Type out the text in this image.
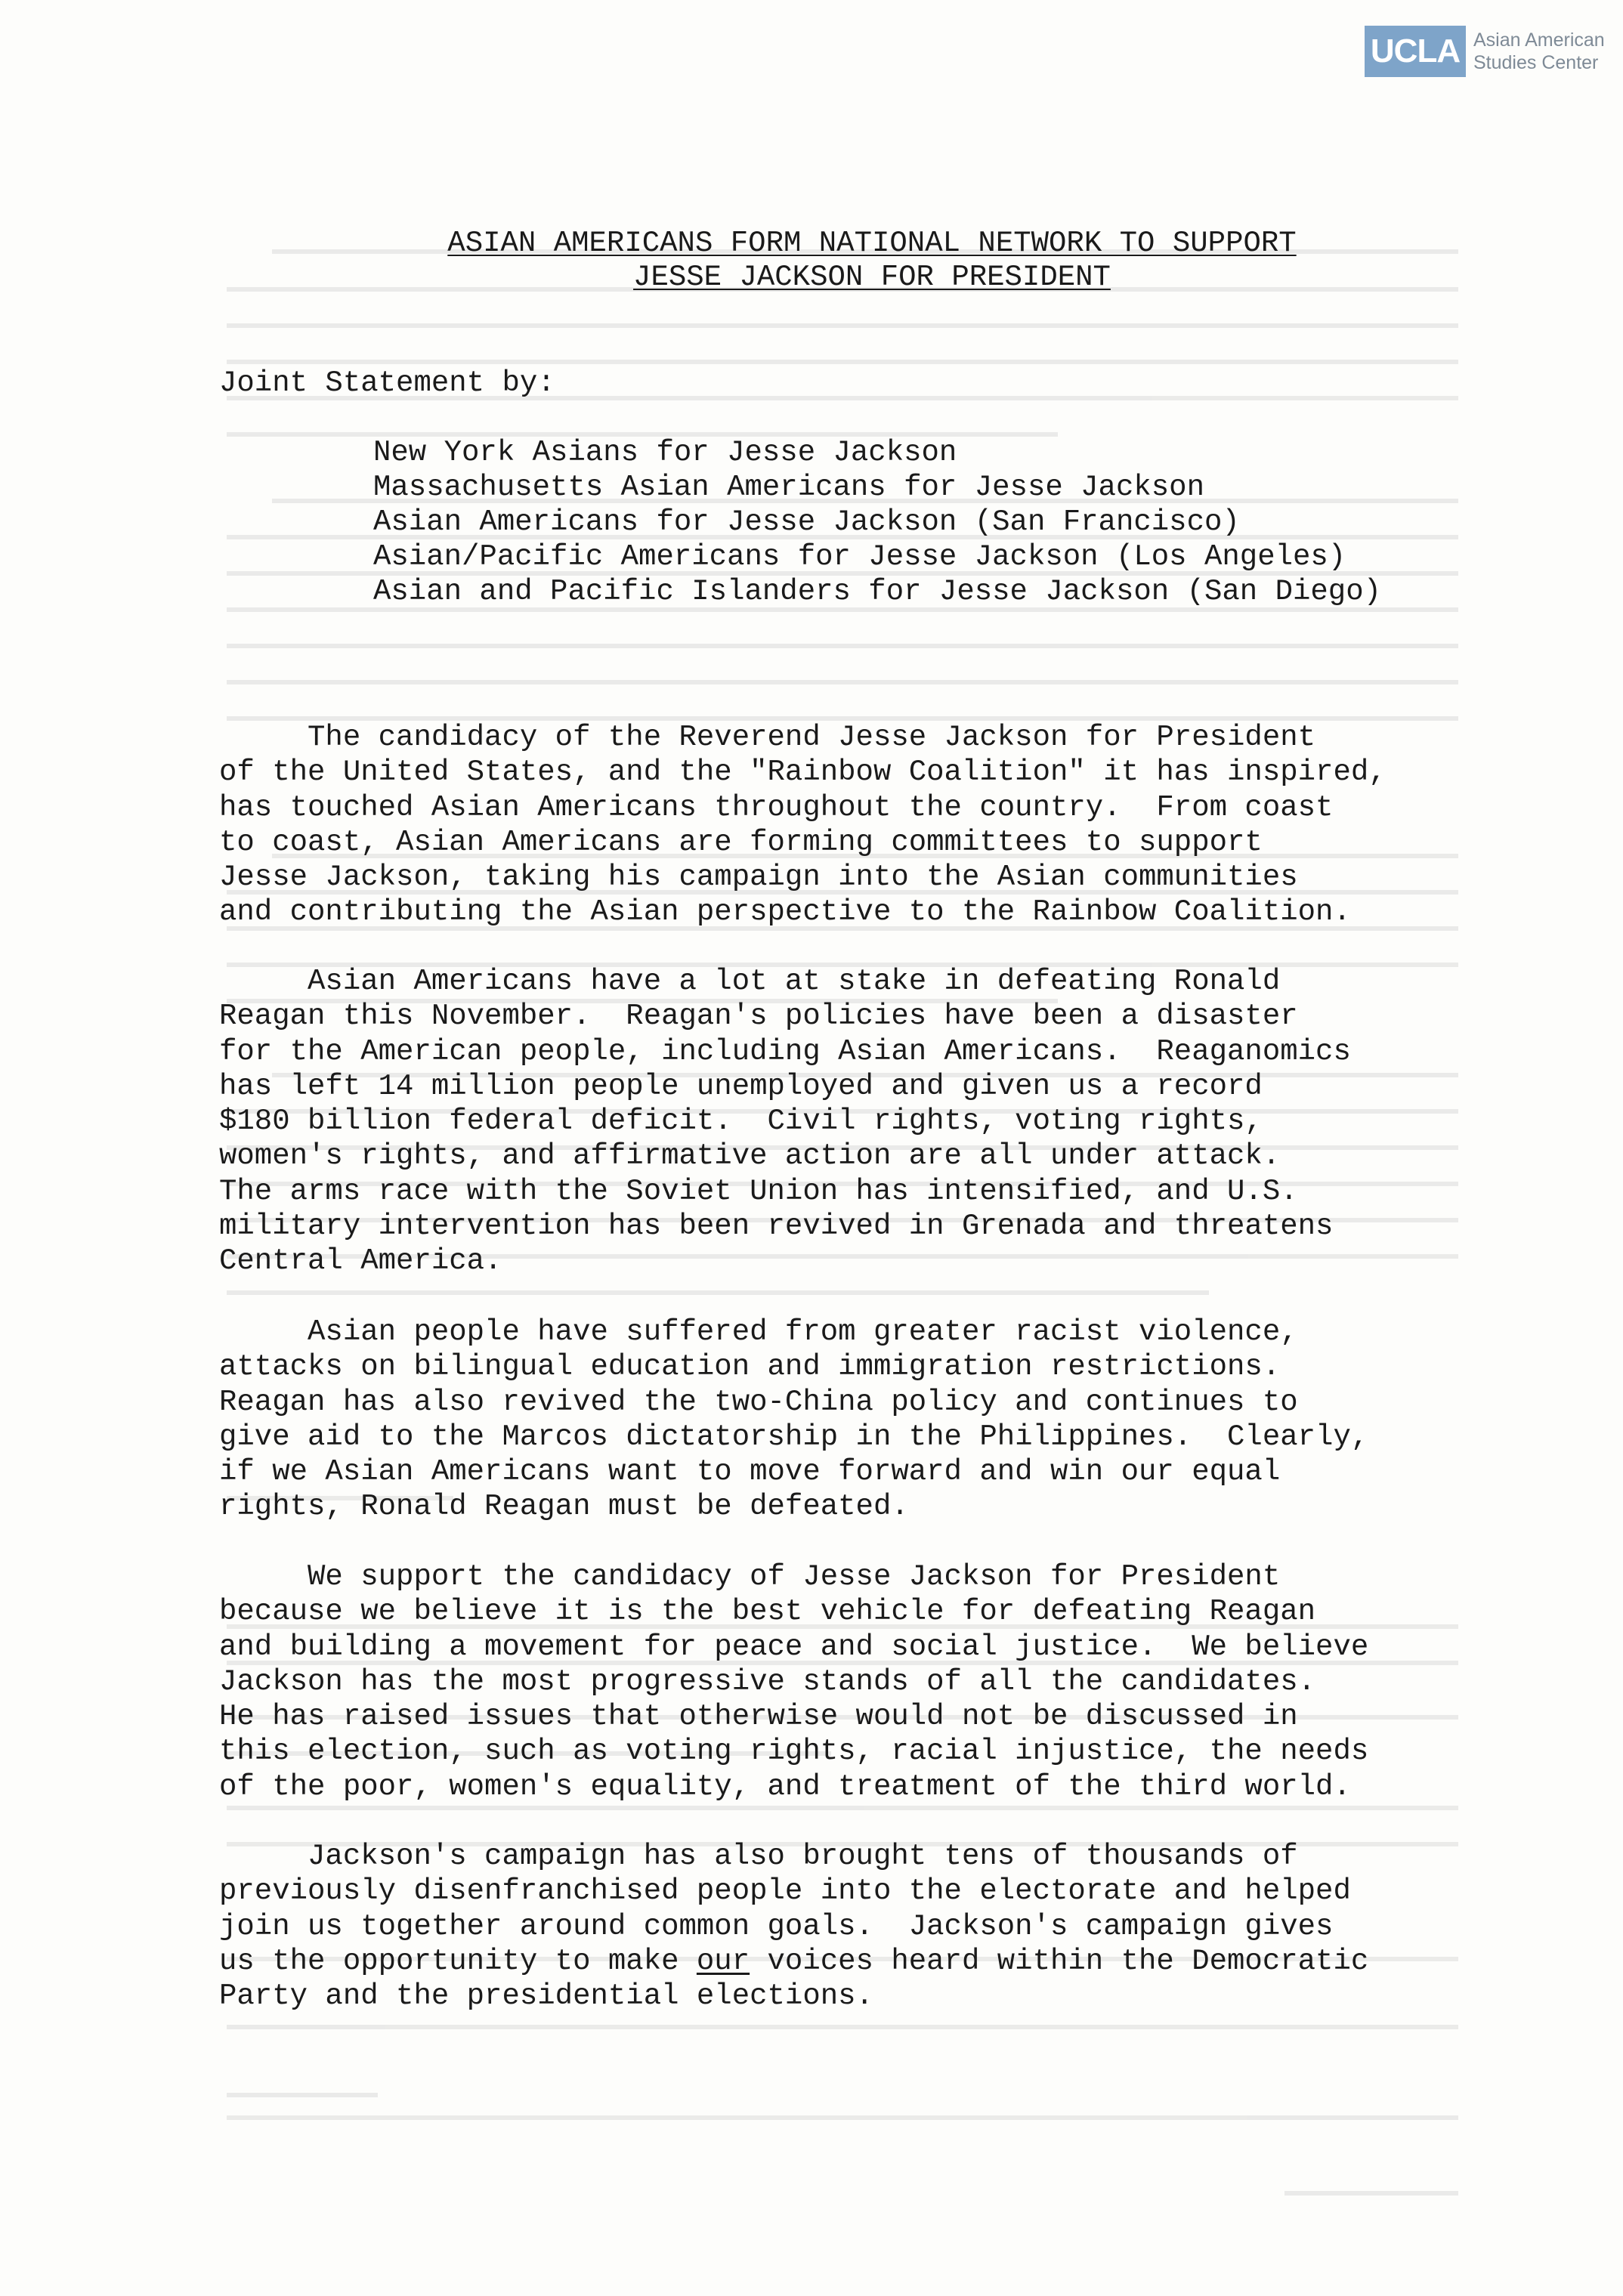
UCLA Asian American Studies Center
ASIAN AMERICANS FORM NATIONAL NETWORK TO SUPPORT
JESSE JACKSON FOR PRESIDENT
Joint Statement by:
New York Asians for Jesse Jackson
Massachusetts Asian Americans for Jesse Jackson
Asian Americans for Jesse Jackson (San Francisco)
Asian/Pacific Americans for Jesse Jackson (Los Angeles)
Asian and Pacific Islanders for Jesse Jackson (San Diego)
The candidacy of the Reverend Jesse Jackson for President
of the United States, and the "Rainbow Coalition" it has inspired,
has touched Asian Americans throughout the country.  From coast
to coast, Asian Americans are forming committees to support
Jesse Jackson, taking his campaign into the Asian communities
and contributing the Asian perspective to the Rainbow Coalition.
Asian Americans have a lot at stake in defeating Ronald
Reagan this November.  Reagan's policies have been a disaster
for the American people, including Asian Americans.  Reaganomics
has left 14 million people unemployed and given us a record
$180 billion federal deficit.  Civil rights, voting rights,
women's rights, and affirmative action are all under attack.
The arms race with the Soviet Union has intensified, and U.S.
military intervention has been revived in Grenada and threatens
Central America.
Asian people have suffered from greater racist violence,
attacks on bilingual education and immigration restrictions.
Reagan has also revived the two-China policy and continues to
give aid to the Marcos dictatorship in the Philippines.  Clearly,
if we Asian Americans want to move forward and win our equal
rights, Ronald Reagan must be defeated.
We support the candidacy of Jesse Jackson for President
because we believe it is the best vehicle for defeating Reagan
and building a movement for peace and social justice.  We believe
Jackson has the most progressive stands of all the candidates.
He has raised issues that otherwise would not be discussed in
this election, such as voting rights, racial injustice, the needs
of the poor, women's equality, and treatment of the third world.
Jackson's campaign has also brought tens of thousands of
previously disenfranchised people into the electorate and helped
join us together around common goals.  Jackson's campaign gives
us the opportunity to make our voices heard within the Democratic
Party and the presidential elections.
